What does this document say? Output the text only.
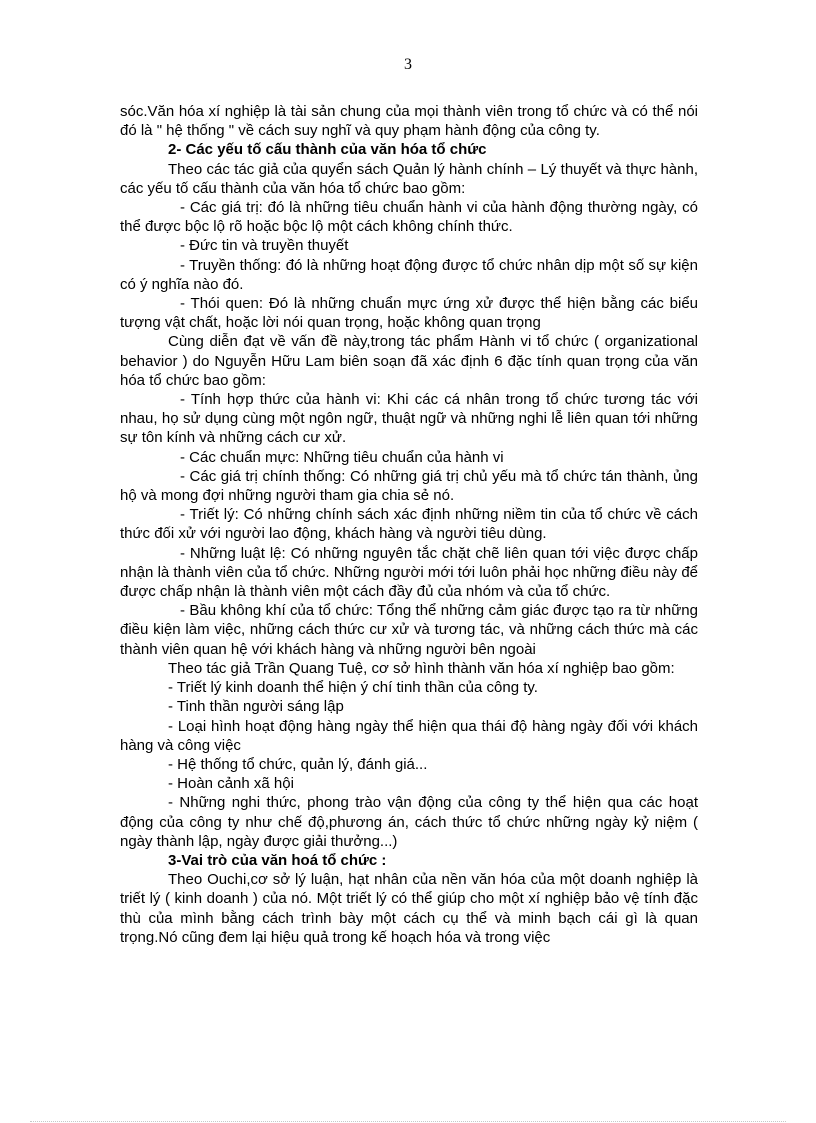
3

sóc.Văn hóa xí nghiệp là tài sản chung của mọi thành viên trong tổ chức và có thể nói đó là " hệ thống " về cách suy nghĩ và quy phạm hành động của công ty.

2- Các yếu tố cấu thành của văn hóa tổ chức

Theo các tác giả của quyển sách Quản lý hành chính – Lý thuyết và thực hành, các yếu tố cấu thành của văn hóa tổ chức bao gồm:

- Các giá trị: đó là những tiêu chuẩn hành vi của hành động thường ngày, có thể được bộc lộ rõ hoặc bộc lộ một cách không chính thức.

- Đức tin và truyền thuyết

- Truyền thống: đó là những hoạt động được tổ chức nhân dịp một số sự kiện có ý nghĩa nào đó.

- Thói quen: Đó là những chuẩn mực ứng xử được thể hiện bằng các biểu tượng vật chất, hoặc lời nói quan trọng, hoặc không quan trọng

Cùng diễn đạt về vấn đề này,trong tác phẩm Hành vi tổ chức ( organizational behavior ) do Nguyễn Hữu Lam biên soạn đã xác định 6 đặc tính quan trọng của văn hóa tổ chức bao gồm:

- Tính hợp thức của hành vi: Khi các cá nhân trong tổ chức tương tác với nhau, họ sử dụng cùng một ngôn ngữ, thuật ngữ và những nghi lễ liên quan tới những sự tôn kính và những cách cư xử.

- Các chuẩn mực: Những tiêu chuẩn của hành vi

- Các giá trị chính thống: Có những giá trị chủ yếu mà tổ chức tán thành, ủng hộ và mong đợi những người tham gia chia sẻ nó.

- Triết lý: Có những chính sách xác định những niềm tin của tổ chức về cách thức đối xử với người lao động, khách hàng và người tiêu dùng.

- Những luật lệ: Có những nguyên tắc chặt chẽ liên quan tới việc được chấp nhận là thành viên của tổ chức. Những người mới tới luôn phải học những điều này để được chấp nhận là thành viên một cách đầy đủ của nhóm và của tổ chức.

- Bầu không khí của tổ chức: Tổng thể những cảm giác được tạo ra từ những điều kiện làm việc, những cách thức cư xử và tương tác, và những cách thức mà các thành viên quan hệ với khách hàng và những người bên ngoài

Theo tác giả Trần Quang Tuệ, cơ sở hình thành văn hóa xí nghiệp bao gồm:

- Triết lý kinh doanh thể hiện ý chí tinh thần của công ty.

- Tinh thần người sáng lập

- Loại hình hoạt động hàng ngày thể hiện qua thái độ hàng ngày đối với khách hàng và công việc

- Hệ thống tổ chức, quản lý, đánh giá...

- Hoàn cảnh xã hội

- Những nghi thức, phong trào vận động của công ty thể hiện qua các hoạt động của công ty như chế độ,phương án, cách thức tổ chức những ngày kỷ niệm ( ngày thành lập, ngày được giải thưởng...)

3-Vai trò của văn hoá tổ chức :

Theo Ouchi,cơ sở lý luận, hạt nhân của nền văn hóa của một doanh nghiệp là triết lý ( kinh doanh ) của nó. Một triết lý có thể giúp cho một xí nghiệp bảo vệ tính đặc thù của mình bằng cách trình bày một cách cụ thể và minh bạch cái gì là quan trọng.Nó cũng đem lại hiệu quả trong kế hoạch hóa và trong việc
